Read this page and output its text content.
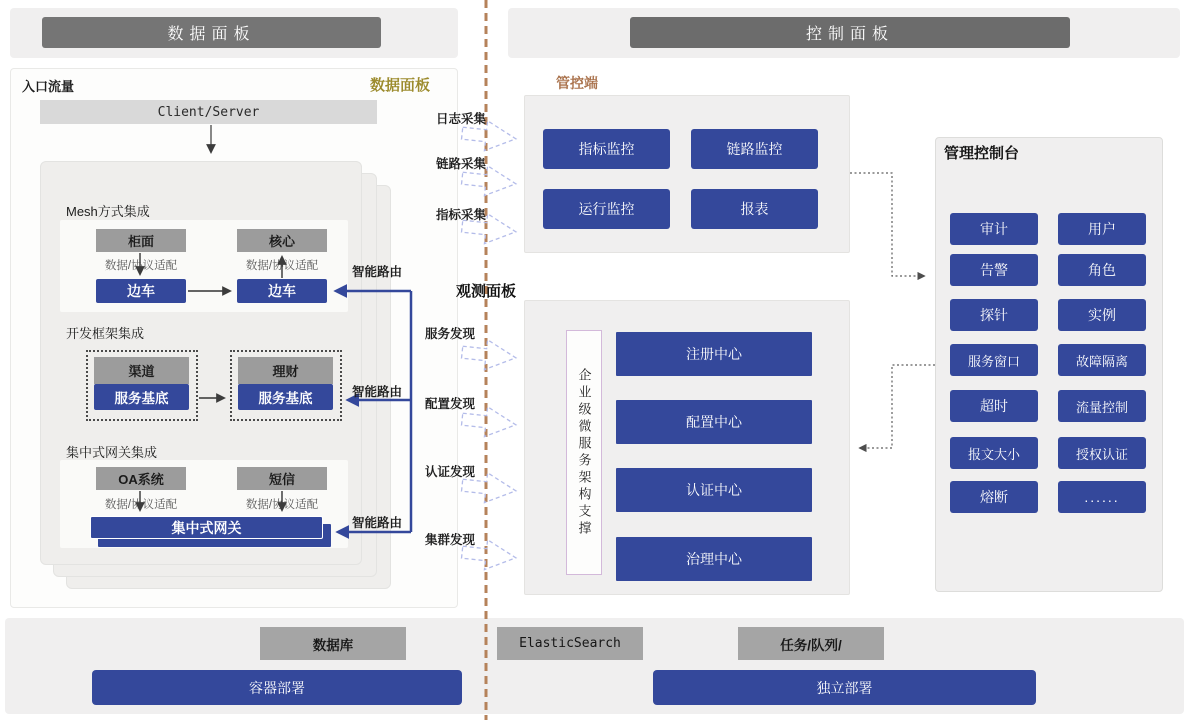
数据面板	控制面板
入口流量	数据面板
Client/Server
Mesh方式集成
柜面	核心
数据/协议适配	数据/协议适配
边车	边车
开发框架集成
渠道
服务基底
理财
服务基底
集中式网关集成
OA系统	短信
数据/协议适配	数据/协议适配
集中式网关
智能路由
智能路由
智能路由
日志采集
链路采集
指标采集
观测面板
服务发现
配置发现
认证发现
集群发现
管控端
指标监控	链路监控
运行监控	报表
企业级微服务架构支撑
注册中心
配置中心
认证中心
治理中心
管理控制台
审计	用户
告警	角色
探针	实例
服务窗口	故障隔离
超时	流量控制
报文大小	授权认证
熔断	......
数据库	ElasticSearch	任务/队列/
容器部署	独立部署
